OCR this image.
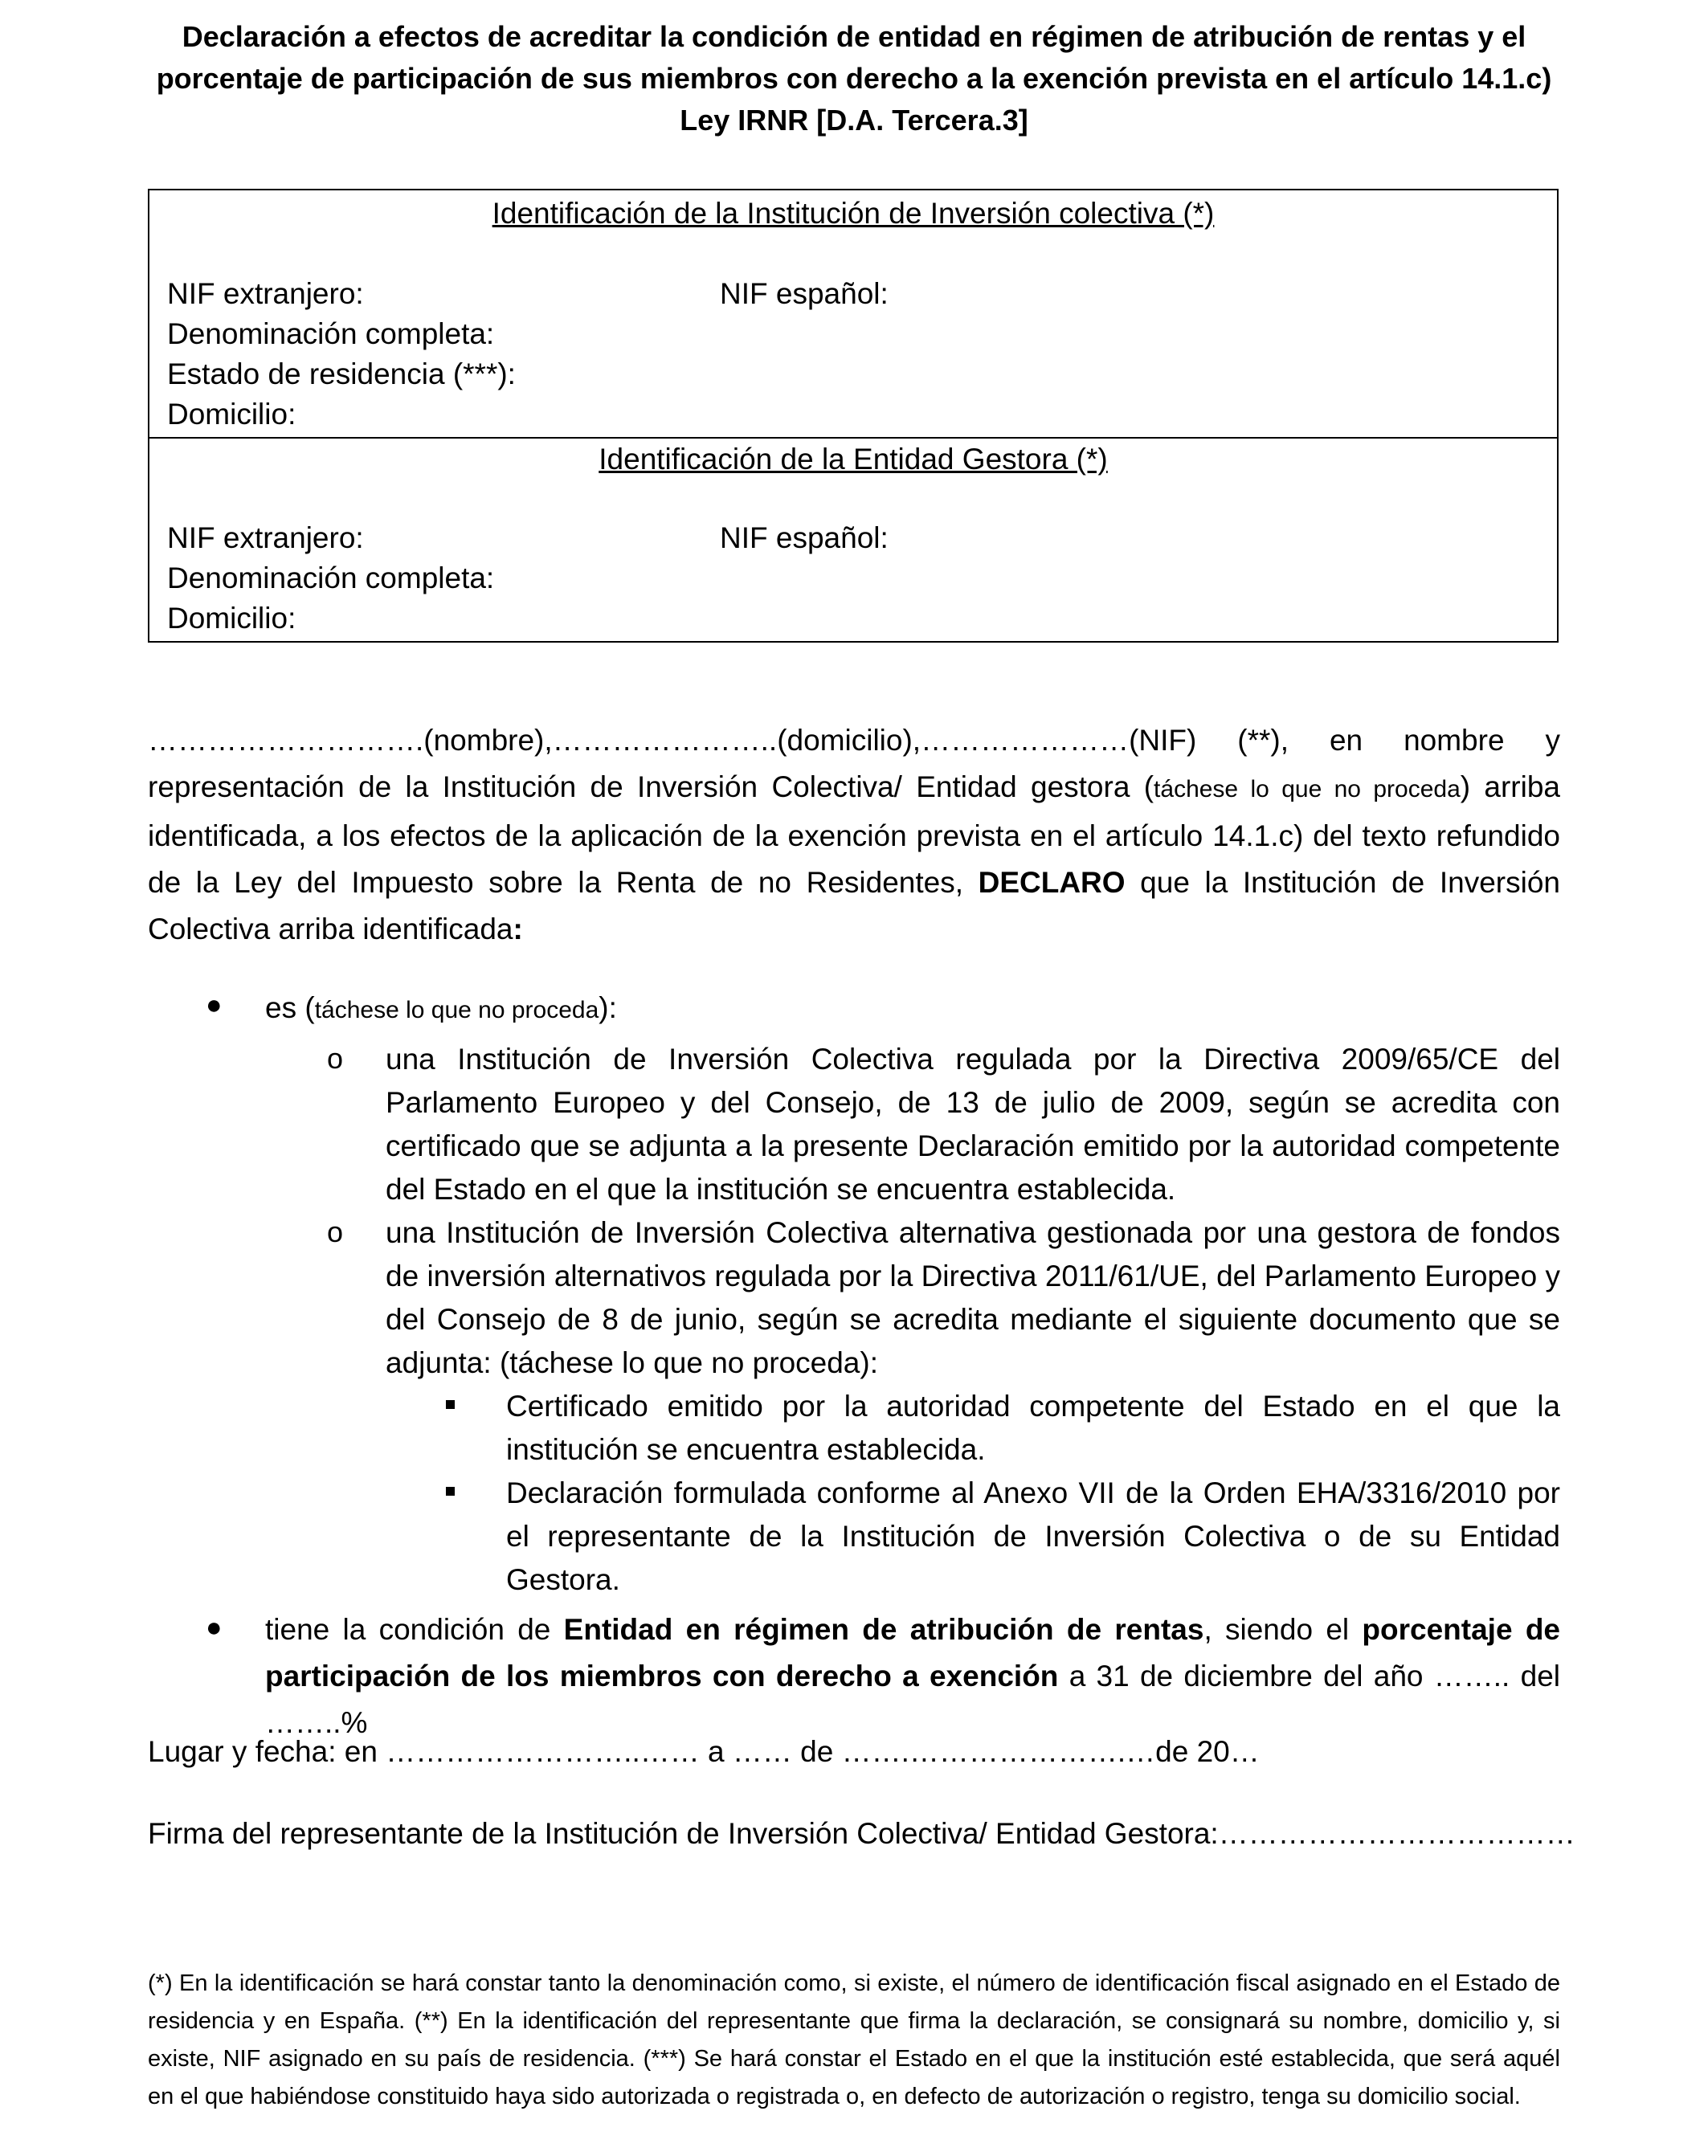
Declaración a efectos de acreditar la condición de entidad en régimen de atribución de rentas y el
porcentaje de participación de sus miembros con derecho a la exención prevista en el artículo 14.1.c)
Ley IRNR [D.A. Tercera.3]
Identificación de la Institución de Inversión colectiva (*)
NIF extranjero:	NIF español:
Denominación completa:
Estado de residencia (***):
Domicilio:
Identificación de la Entidad Gestora (*)
NIF extranjero:	NIF español:
Denominación completa:
Domicilio:
……………………….(nombre),…………………..(domicilio),…………………(NIF) (**), en nombre y representación de la Institución de Inversión Colectiva/ Entidad gestora (táchese lo que no proceda) arriba identificada, a los efectos de la aplicación de la exención prevista en el artículo 14.1.c) del texto refundido de la Ley del Impuesto sobre la Renta de no Residentes, DECLARO que la Institución de Inversión Colectiva arriba identificada:
● es (táchese lo que no proceda):
o una Institución de Inversión Colectiva regulada por la Directiva 2009/65/CE del Parlamento Europeo y del Consejo, de 13 de julio de 2009, según se acredita con certificado que se adjunta a la presente Declaración emitido por la autoridad competente del Estado en el que la institución se encuentra establecida.
o una Institución de Inversión Colectiva alternativa gestionada por una gestora de fondos de inversión alternativos regulada por la Directiva 2011/61/UE, del Parlamento Europeo y del Consejo de 8 de junio, según se acredita mediante el siguiente documento que se adjunta: (táchese lo que no proceda):
Certificado emitido por la autoridad competente del Estado en el que la institución se encuentra establecida.
Declaración formulada conforme al Anexo VII de la Orden EHA/3316/2010 por el representante de la Institución de Inversión Colectiva o de su Entidad Gestora.
● tiene la condición de Entidad en régimen de atribución de rentas, siendo el porcentaje de participación de los miembros con derecho a exención a 31 de diciembre del año …….. del ……..%
Lugar y fecha: en ……………………..…… a …… de …….………………….…de 20…
Firma del representante de la Institución de Inversión Colectiva/ Entidad Gestora:………………………………
(*) En la identificación se hará constar tanto la denominación como, si existe, el número de identificación fiscal asignado en el Estado de residencia y en España. (**) En la identificación del representante que firma la declaración, se consignará su nombre, domicilio y, si existe, NIF asignado en su país de residencia. (***) Se hará constar el Estado en el que la institución esté establecida, que será aquél en el que habiéndose constituido haya sido autorizada o registrada o, en defecto de autorización o registro, tenga su domicilio social.
